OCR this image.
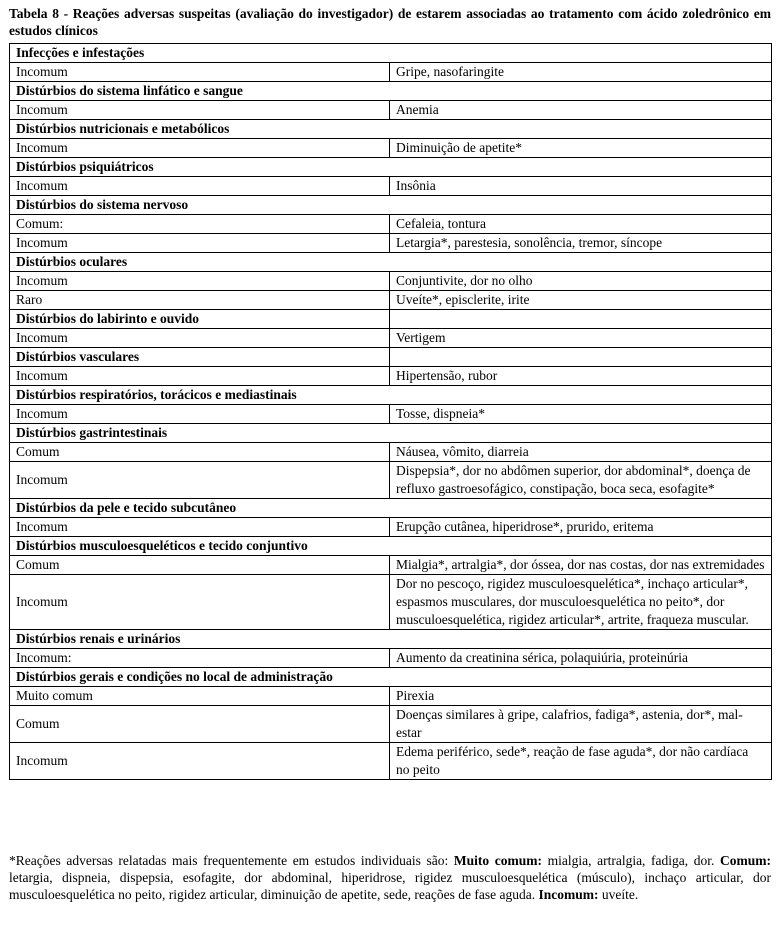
Tabela 8 - Reações adversas suspeitas (avaliação do investigador) de estarem associadas ao tratamento com ácido zoledrônico em estudos clínicos
Infecções e infestações	
Incomum	Gripe, nasofaringite
Distúrbios do sistema linfático e sangue	
Incomum	Anemia
Distúrbios nutricionais e metabólicos	
Incomum	Diminuição de apetite*
Distúrbios psiquiátricos	
Incomum	Insônia
Distúrbios do sistema nervoso	
Comum:	Cefaleia, tontura
Incomum	Letargia*, parestesia, sonolência, tremor, síncope
Distúrbios oculares	
Incomum	Conjuntivite, dor no olho
Raro	Uveíte*, episclerite, irite
Distúrbios do labirinto e ouvido	
Incomum	Vertigem
Distúrbios vasculares	
Incomum	Hipertensão, rubor
Distúrbios respiratórios, torácicos e mediastinais	
Incomum	Tosse, dispneia*
Distúrbios gastrintestinais	
Comum	Náusea, vômito, diarreia
Incomum	Dispepsia*, dor no abdômen superior, dor abdominal*, doença de refluxo gastroesofágico, constipação, boca seca, esofagite*
Distúrbios da pele e tecido subcutâneo	
Incomum	Erupção cutânea, hiperidrose*, prurido, eritema
Distúrbios musculoesqueléticos e tecido conjuntivo	
Comum	Mialgia*, artralgia*, dor óssea, dor nas costas, dor nas extremidades
Incomum	Dor no pescoço, rigidez musculoesquelética*, inchaço articular*, espasmos musculares, dor musculoesquelética no peito*, dor musculoesquelética, rigidez articular*, artrite, fraqueza muscular.
Distúrbios renais e urinários	
Incomum:	Aumento da creatinina sérica, polaquiúria, proteinúria
Distúrbios gerais e condições no local de administração	
Muito comum	Pirexia
Comum	Doenças similares à gripe, calafrios, fadiga*, astenia, dor*, mal-estar
Incomum	Edema periférico, sede*, reação de fase aguda*, dor não cardíaca no peito
*Reações adversas relatadas mais frequentemente em estudos individuais são: Muito comum: mialgia, artralgia, fadiga, dor. Comum: letargia, dispneia, dispepsia, esofagite, dor abdominal, hiperidrose, rigidez musculoesquelética (músculo), inchaço articular, dor musculoesquelética no peito, rigidez articular, diminuição de apetite, sede, reações de fase aguda. Incomum: uveíte.
